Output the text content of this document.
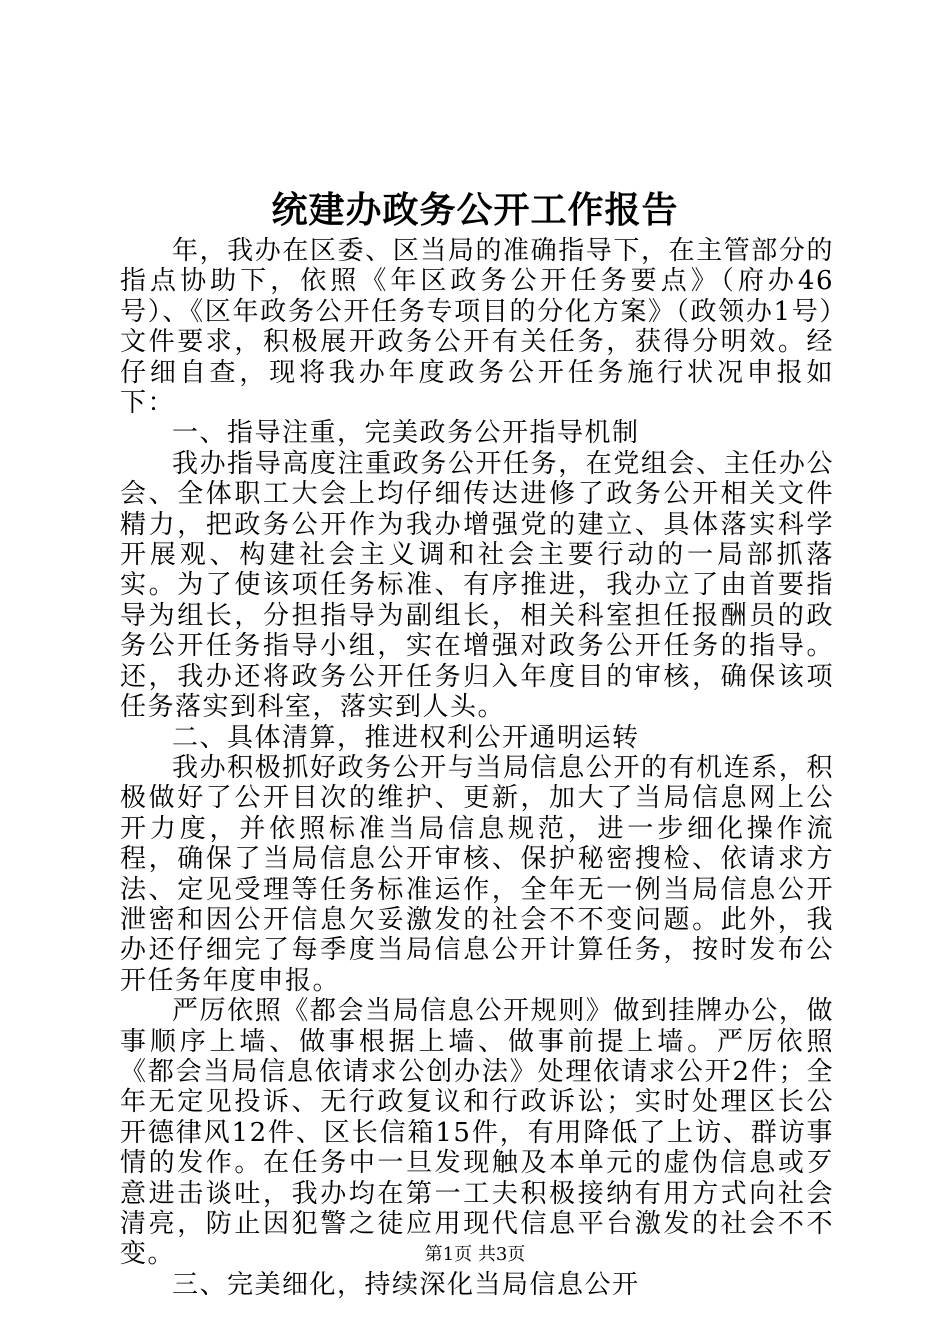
统建办政务公开工作报告

年，我办在区委、区当局的准确指导下，在主管部分的指点协助下，依照《年区政务公开任务要点》（府办46号）、《区年政务公开任务专项目的分化方案》（政领办1号）文件要求，积极展开政务公开有关任务，获得分明效。经仔细自查，现将我办年度政务公开任务施行状况申报如下：

一、指导注重，完美政务公开指导机制

我办指导高度注重政务公开任务，在党组会、主任办公会、全体职工大会上均仔细传达进修了政务公开相关文件精力，把政务公开作为我办增强党的建立、具体落实科学开展观、构建社会主义调和社会主要行动的一局部抓落实。为了使该项任务标准、有序推进，我办立了由首要指导为组长，分担指导为副组长，相关科室担任报酬员的政务公开任务指导小组，实在增强对政务公开任务的指导。还，我办还将政务公开任务归入年度目的审核，确保该项任务落实到科室，落实到人头。

二、具体清算，推进权利公开通明运转

我办积极抓好政务公开与当局信息公开的有机连系，积极做好了公开目次的维护、更新，加大了当局信息网上公开力度，并依照标准当局信息规范，进一步细化操作流程，确保了当局信息公开审核、保护秘密搜检、依请求方法、定见受理等任务标准运作，全年无一例当局信息公开泄密和因公开信息欠妥激发的社会不不变问题。此外，我办还仔细完了每季度当局信息公开计算任务，按时发布公开任务年度申报。

严厉依照《都会当局信息公开规则》做到挂牌办公，做事顺序上墙、做事根据上墙、做事前提上墙。严厉依照《都会当局信息依请求公创办法》处理依请求公开2件；全年无定见投诉、无行政复议和行政诉讼；实时处理区长公开德律风12件、区长信箱15件，有用降低了上访、群访事情的发作。在任务中一旦发现触及本单元的虚伪信息或歹意进击谈吐，我办均在第一工夫积极接纳有用方式向社会清亮，防止因犯警之徒应用现代信息平台激发的社会不不变。

三、完美细化，持续深化当局信息公开

第1页 共3页
